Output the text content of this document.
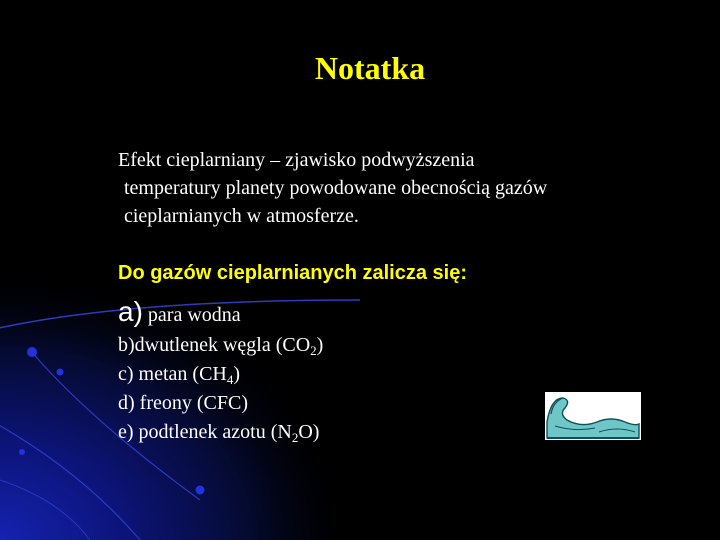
Notatka
Efekt cieplarniany – zjawisko podwyższenia
temperatury planety powodowane obecnością gazów
cieplarnianych w atmosferze.
Do gazów cieplarnianych zalicza się:
a) para wodna
b)dwutlenek węgla $(CO_2)$
c) metan $(CH_4)$
d) freony (CFC)
e) podtlenek azotu $(N_2O)$
